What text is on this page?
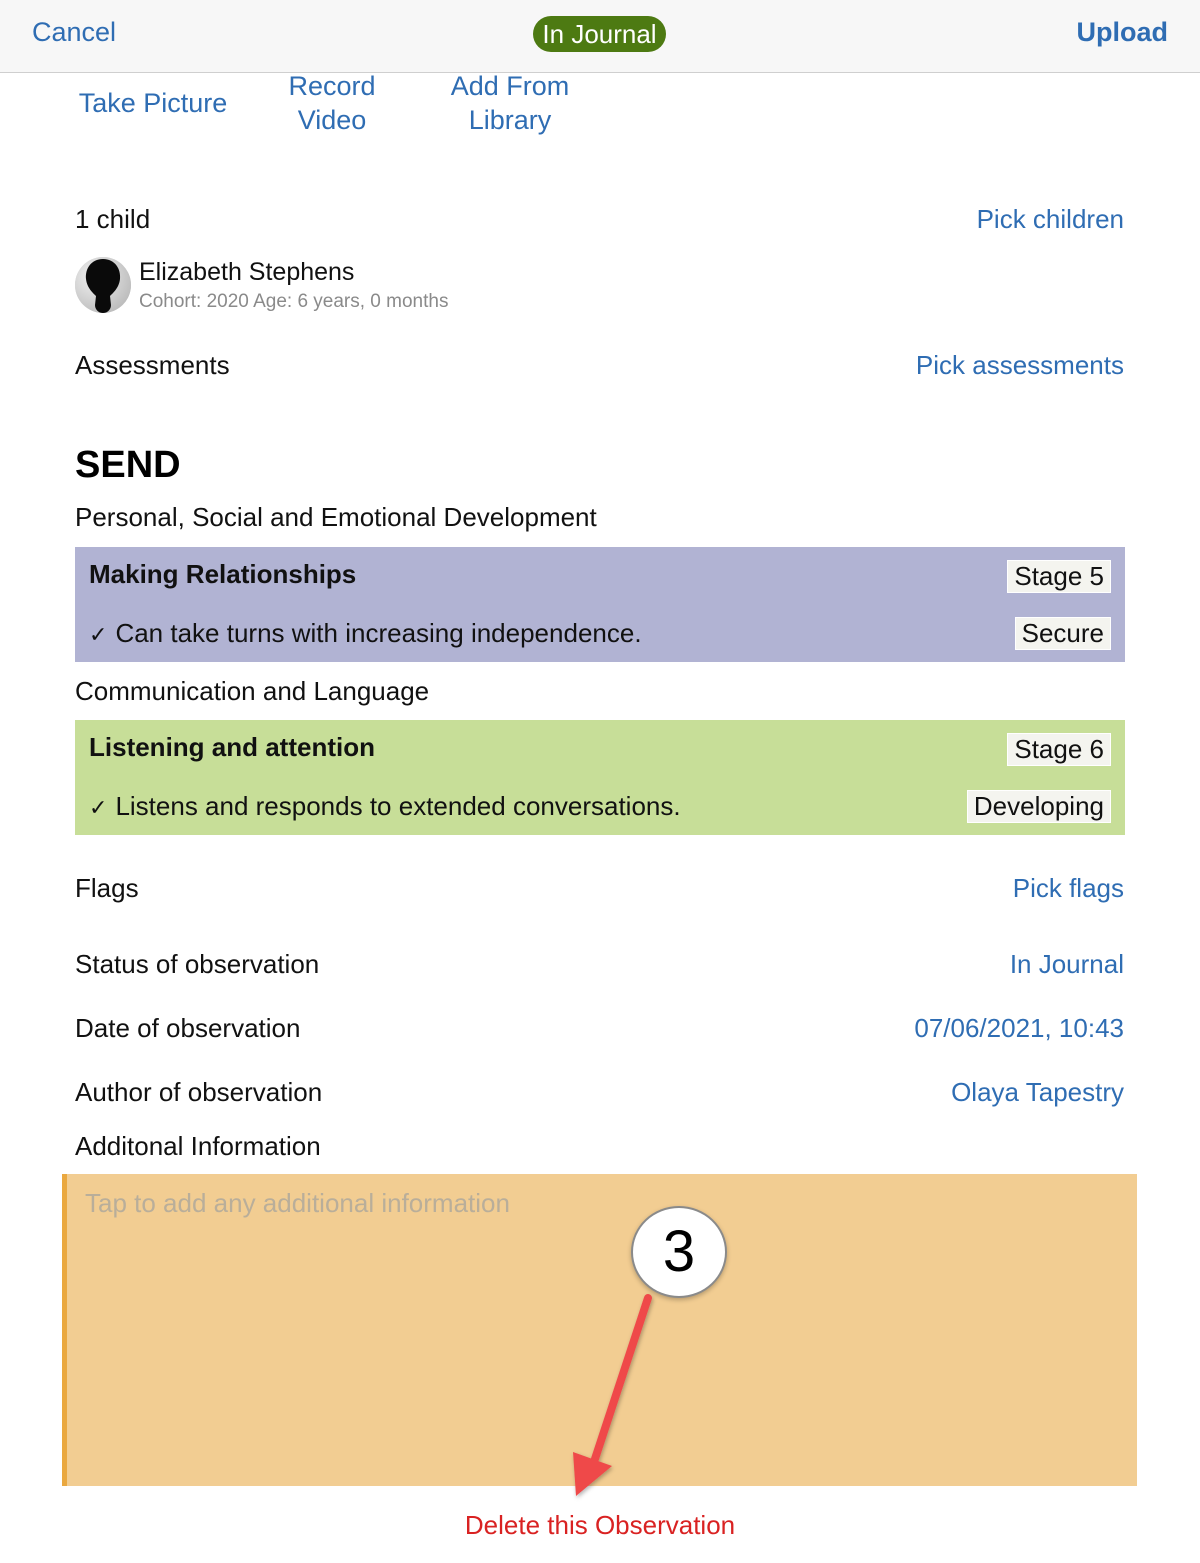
Cancel	In Journal	Upload
Take Picture
Record
Video
Add From
Library
1 child	Pick children
Elizabeth Stephens
Cohort: 2020 Age: 6 years, 0 months
Assessments	Pick assessments
SEND
Personal, Social and Emotional Development
Making Relationships	Stage 5
✓ Can take turns with increasing independence.	Secure
Communication and Language
Listening and attention	Stage 6
✓ Listens and responds to extended conversations.	Developing
Flags	Pick flags
Status of observation	In Journal
Date of observation	07/06/2021, 10:43
Author of observation	Olaya Tapestry
Additonal Information
Tap to add any additional information
3
Delete this Observation
